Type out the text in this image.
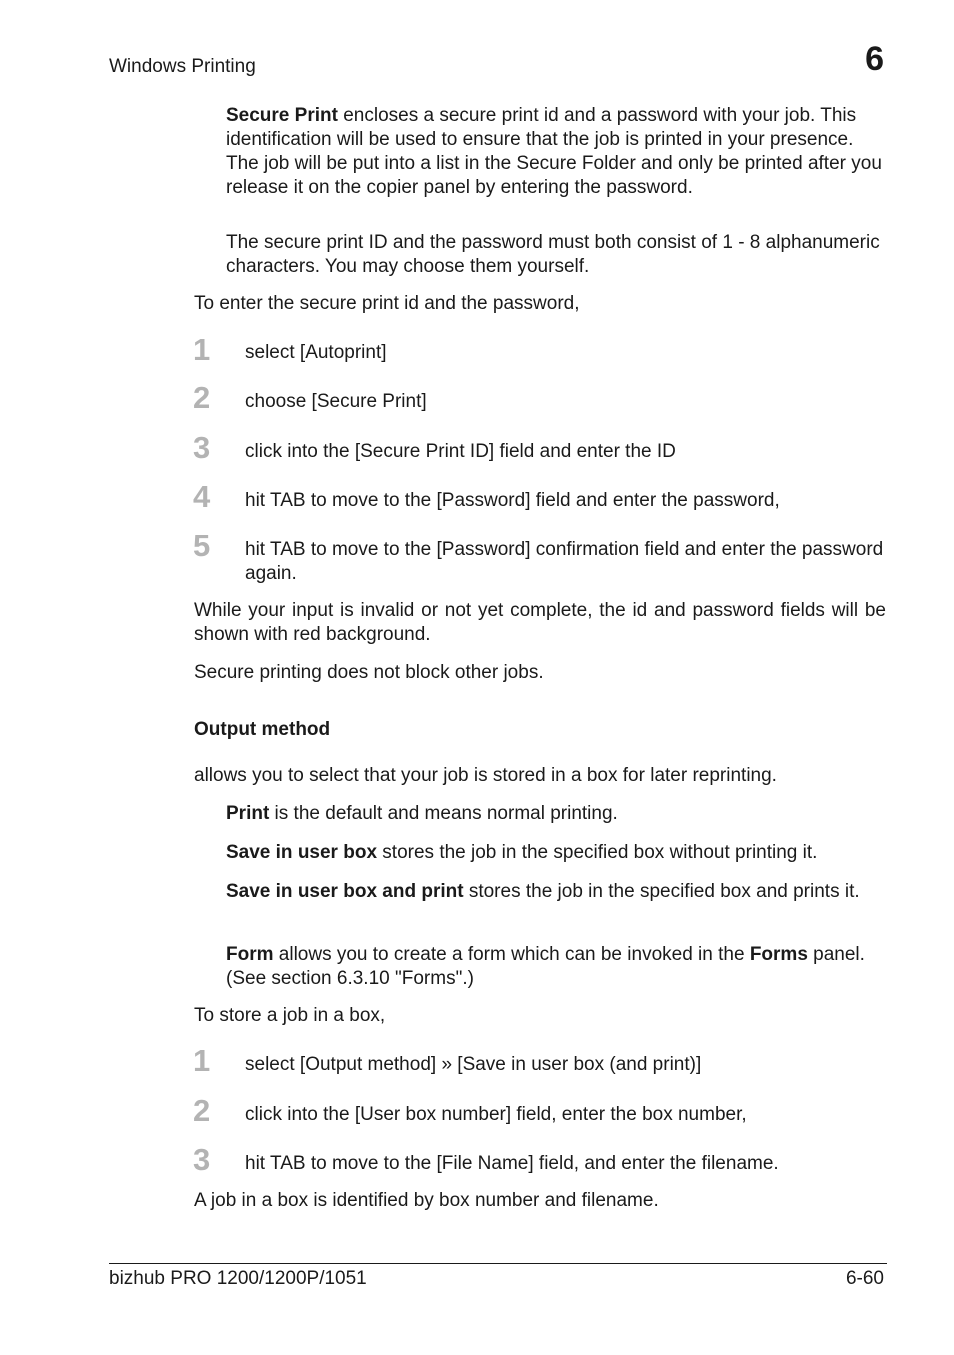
Windows Printing	6

Secure Print encloses a secure print id and a password with your job. This identification will be used to ensure that the job is printed in your presence. The job will be put into a list in the Secure Folder and only be printed after you release it on the copier panel by entering the password.

The secure print ID and the password must both consist of 1 - 8 alphanumeric characters. You may choose them yourself.

To enter the secure print id and the password,

1 select [Autoprint]
2 choose [Secure Print]
3 click into the [Secure Print ID] field and enter the ID
4 hit TAB to move to the [Password] field and enter the password,
5 hit TAB to move to the [Password] confirmation field and enter the password again.

While your input is invalid or not yet complete, the id and password fields will be shown with red background.

Secure printing does not block other jobs.

Output method

allows you to select that your job is stored in a box for later reprinting.

Print is the default and means normal printing.

Save in user box stores the job in the specified box without printing it.

Save in user box and print stores the job in the specified box and prints it.

Form allows you to create a form which can be invoked in the Forms panel. (See section 6.3.10 "Forms".)

To store a job in a box,

1 select [Output method] » [Save in user box (and print)]
2 click into the [User box number] field, enter the box number,
3 hit TAB to move to the [File Name] field, and enter the filename.

A job in a box is identified by box number and filename.

bizhub PRO 1200/1200P/1051	6-60
